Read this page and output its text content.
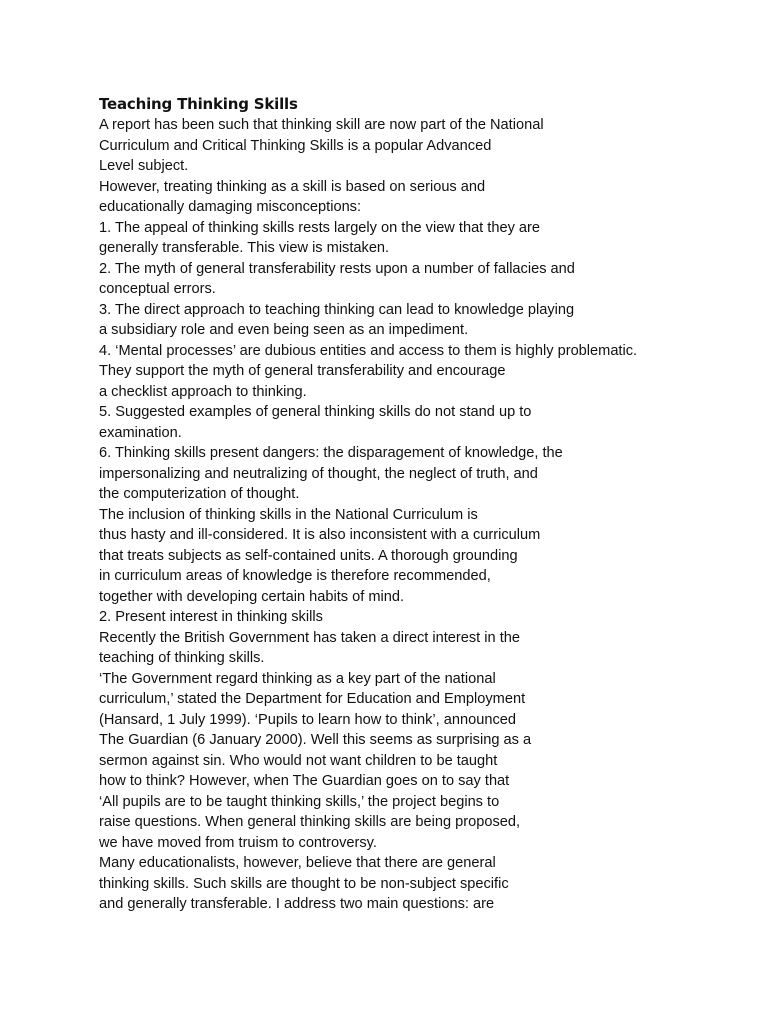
Teaching Thinking Skills

A report has been such that thinking skill are now part of the National

Curriculum and Critical Thinking Skills is a popular Advanced

Level subject.

However, treating thinking as a skill is based on serious and

educationally damaging misconceptions:

1. The appeal of thinking skills rests largely on the view that they are

generally transferable. This view is mistaken.

2. The myth of general transferability rests upon a number of fallacies and

conceptual errors.

3. The direct approach to teaching thinking can lead to knowledge playing

a subsidiary role and even being seen as an impediment.

4. ‘Mental processes’ are dubious entities and access to them is highly problematic.

They support the myth of general transferability and encourage

a checklist approach to thinking.

5. Suggested examples of general thinking skills do not stand up to

examination.

6. Thinking skills present dangers: the disparagement of knowledge, the

impersonalizing and neutralizing of thought, the neglect of truth, and

the computerization of thought.

The inclusion of thinking skills in the National Curriculum is

thus hasty and ill-considered. It is also inconsistent with a curriculum

that treats subjects as self-contained units. A thorough grounding

in curriculum areas of knowledge is therefore recommended,

together with developing certain habits of mind.

2. Present interest in thinking skills

Recently the British Government has taken a direct interest in the

teaching of thinking skills.

‘The Government regard thinking as a key part of the national

curriculum,’ stated the Department for Education and Employment

(Hansard, 1 July 1999). ‘Pupils to learn how to think’, announced

The Guardian (6 January 2000). Well this seems as surprising as a

sermon against sin. Who would not want children to be taught

how to think? However, when The Guardian goes on to say that

‘All pupils are to be taught thinking skills,’ the project begins to

raise questions. When general thinking skills are being proposed,

we have moved from truism to controversy.

Many educationalists, however, believe that there are general

thinking skills. Such skills are thought to be non-subject specific

and generally transferable. I address two main questions: are
